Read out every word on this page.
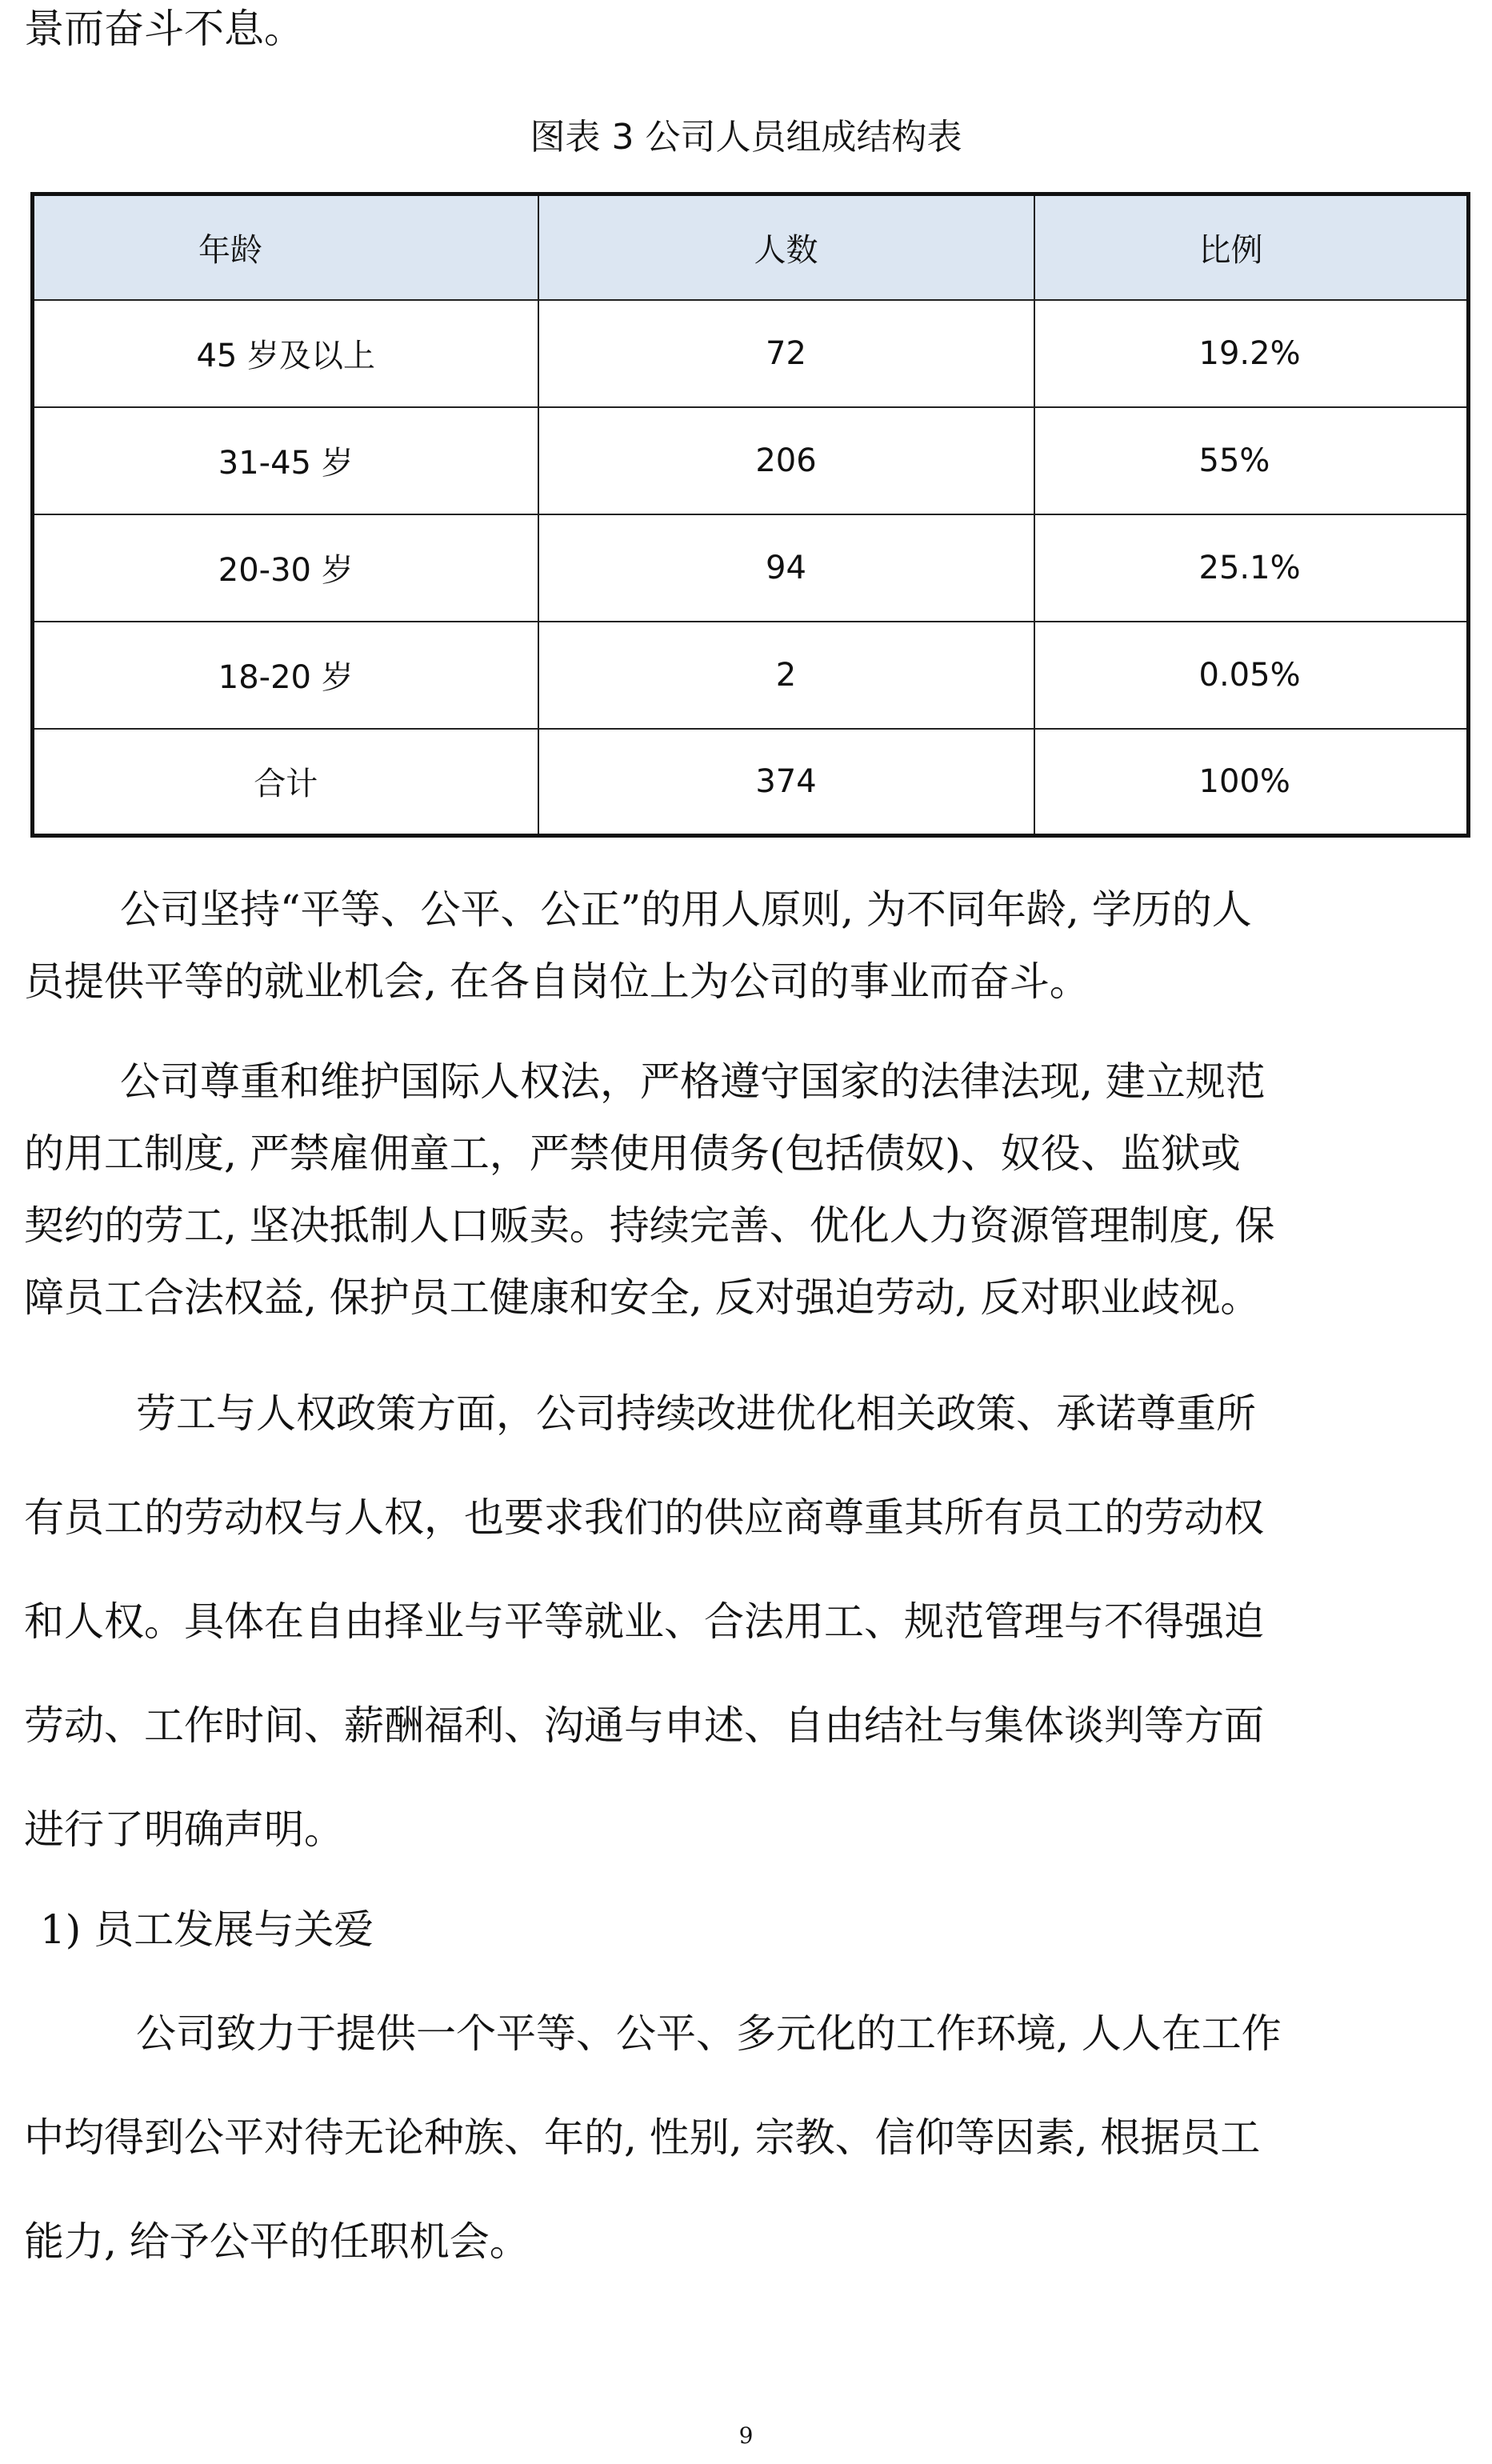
景而奋斗不息。
图表 3 公司人员组成结构表
年龄	人数	比例
45 岁及以上	72	19.2%
31-45 岁	206	55%
20-30 岁	94	25.1%
18-20 岁	2	0.05%
合计	374	100%
公司坚持“平等、公平、公正”的用人原则, 为不同年龄, 学历的人
员提供平等的就业机会, 在各自岗位上为公司的事业而奋斗。
公司尊重和维护国际人权法，严格遵守国家的法律法现, 建立规范
的用工制度, 严禁雇佣童工，严禁使用债务(包括债奴)、奴役、监狱或
契约的劳工, 坚决抵制人口贩卖。持续完善、优化人力资源管理制度, 保
障员工合法权益, 保护员工健康和安全, 反对强迫劳动, 反对职业歧视。
劳工与人权政策方面，公司持续改进优化相关政策、承诺尊重所
有员工的劳动权与人权，也要求我们的供应商尊重其所有员工的劳动权
和人权。具体在自由择业与平等就业、合法用工、规范管理与不得强迫
劳动、工作时间、薪酬福利、沟通与申述、自由结社与集体谈判等方面
进行了明确声明。
1) 员工发展与关爱
公司致力于提供一个平等、公平、多元化的工作环境, 人人在工作
中均得到公平对待无论种族、年的, 性别, 宗教、信仰等因素, 根据员工
能力, 给予公平的任职机会。
9
